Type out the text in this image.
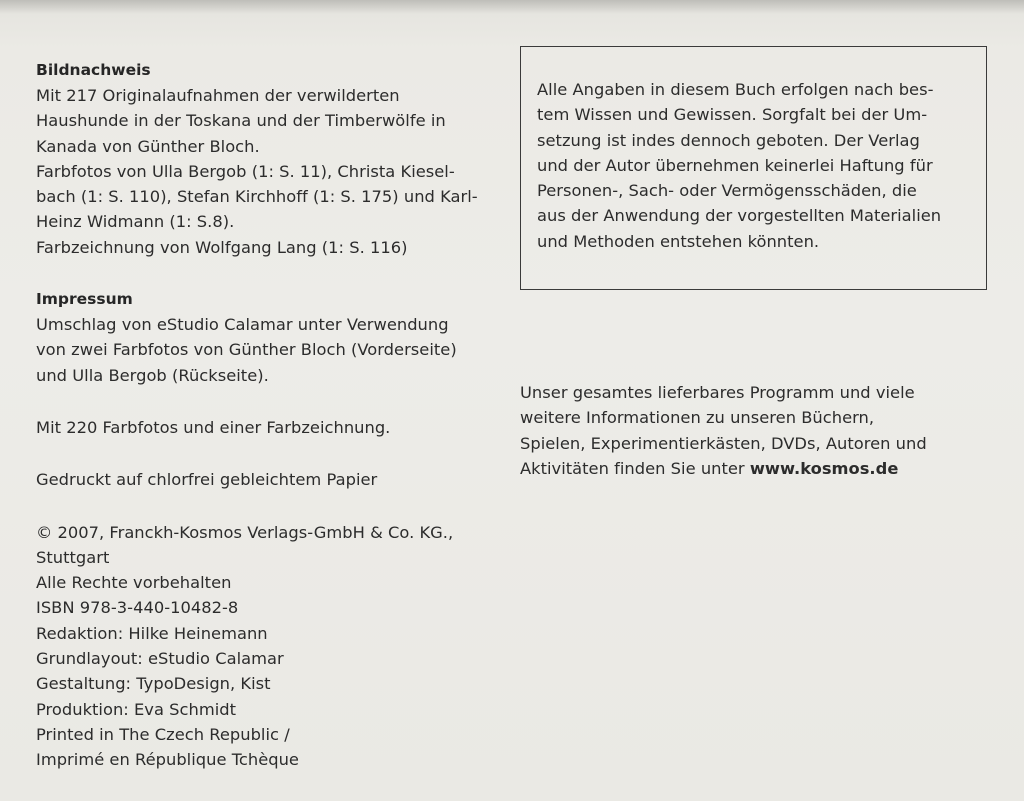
Bildnachweis

Mit 217 Originalaufnahmen der verwilderten

Haushunde in der Toskana und der Timberwölfe in

Kanada von Günther Bloch.

Farbfotos von Ulla Bergob (1: S. 11), Christa Kiesel-

bach (1: S. 110), Stefan Kirchhoff (1: S. 175) und Karl-

Heinz Widmann (1: S.8).

Farbzeichnung von Wolfgang Lang (1: S. 116)

Impressum

Umschlag von eStudio Calamar unter Verwendung

von zwei Farbfotos von Günther Bloch (Vorderseite)

und Ulla Bergob (Rückseite).

Mit 220 Farbfotos und einer Farbzeichnung.

Gedruckt auf chlorfrei gebleichtem Papier

© 2007, Franckh-Kosmos Verlags-GmbH & Co. KG.,

Stuttgart

Alle Rechte vorbehalten

ISBN 978-3-440-10482-8

Redaktion: Hilke Heinemann

Grundlayout: eStudio Calamar

Gestaltung: TypoDesign, Kist

Produktion: Eva Schmidt

Printed in The Czech Republic /

Imprimé en République Tchèque

Alle Angaben in diesem Buch erfolgen nach bes-

tem Wissen und Gewissen. Sorgfalt bei der Um-

setzung ist indes dennoch geboten. Der Verlag

und der Autor übernehmen keinerlei Haftung für

Personen-, Sach- oder Vermögensschäden, die

aus der Anwendung der vorgestellten Materialien

und Methoden entstehen könnten.

Unser gesamtes lieferbares Programm und viele

weitere Informationen zu unseren Büchern,

Spielen, Experimentierkästen, DVDs, Autoren und

Aktivitäten finden Sie unter www.kosmos.de
